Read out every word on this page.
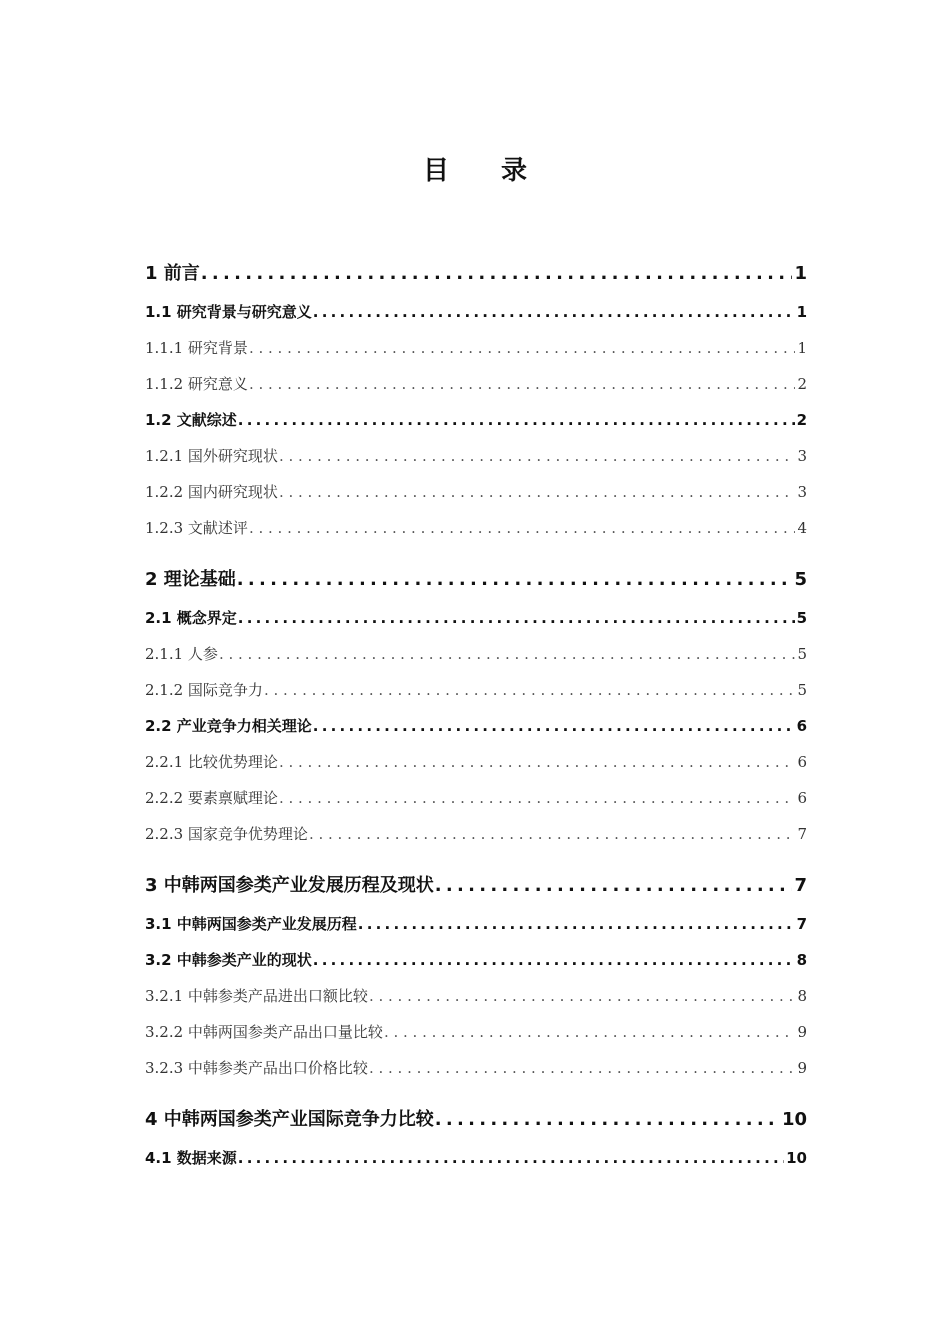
目　　录
1 前言 . . .	1
1.1 研究背景与研究意义 . . .	1
1.1.1 研究背景 . . .	1
1.1.2 研究意义 . . .	2
1.2 文献综述 . . .	2
1.2.1 国外研究现状 . . .	3
1.2.2 国内研究现状 . . .	3
1.2.3 文献述评 . . .	4
2 理论基础 . . .	5
2.1 概念界定 . . .	5
2.1.1 人参 . . .	5
2.1.2 国际竞争力 . . .	5
2.2 产业竞争力相关理论 . . .	6
2.2.1 比较优势理论 . . .	6
2.2.2 要素禀赋理论 . . .	6
2.2.3 国家竞争优势理论 . . .	7
3 中韩两国参类产业发展历程及现状 . . .	7
3.1 中韩两国参类产业发展历程 . . .	7
3.2 中韩参类产业的现状 . . .	8
3.2.1 中韩参类产品进出口额比较 . . .	8
3.2.2 中韩两国参类产品出口量比较 . . .	9
3.2.3 中韩参类产品出口价格比较 . . .	9
4 中韩两国参类产业国际竞争力比较 . . .	10
4.1 数据来源 . . .	10
